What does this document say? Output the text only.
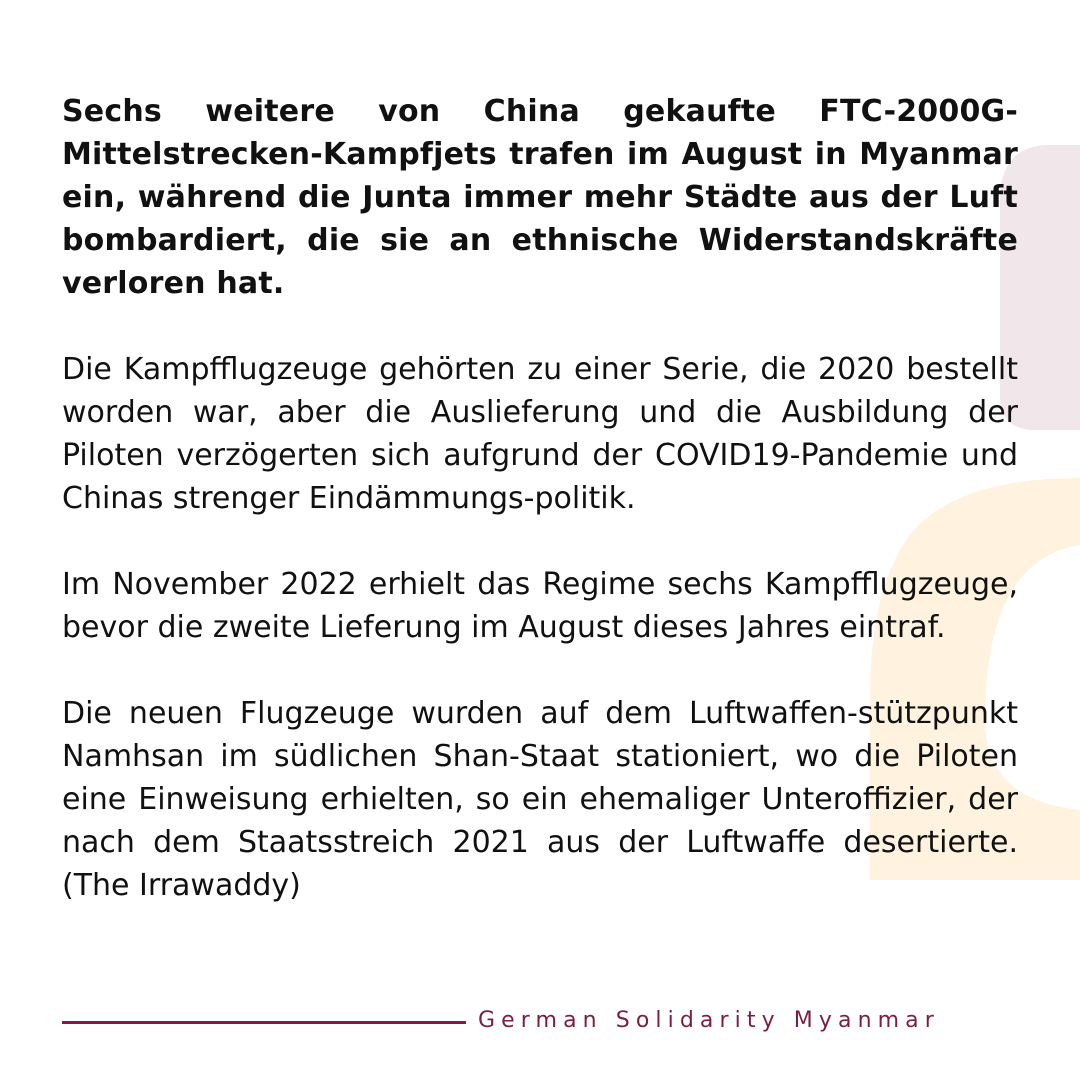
Sechs weitere von China gekaufte FTC-2000G-Mittelstrecken-Kampfjets trafen im August in Myanmar ein, während die Junta immer mehr Städte aus der Luft bombardiert, die sie an ethnische Widerstandskräfte verloren hat.

Die Kampfflugzeuge gehörten zu einer Serie, die 2020 bestellt worden war, aber die Auslieferung und die Ausbildung der Piloten verzögerten sich aufgrund der COVID19-Pandemie und Chinas strenger Eindämmungs-politik.

Im November 2022 erhielt das Regime sechs Kampfflugzeuge, bevor die zweite Lieferung im August dieses Jahres eintraf.

Die neuen Flugzeuge wurden auf dem Luftwaffen-stützpunkt Namhsan im südlichen Shan-Staat stationiert, wo die Piloten eine Einweisung erhielten, so ein ehemaliger Unteroffizier, der nach dem Staatsstreich 2021 aus der Luftwaffe desertierte. (The Irrawaddy)

German Solidarity Myanmar
